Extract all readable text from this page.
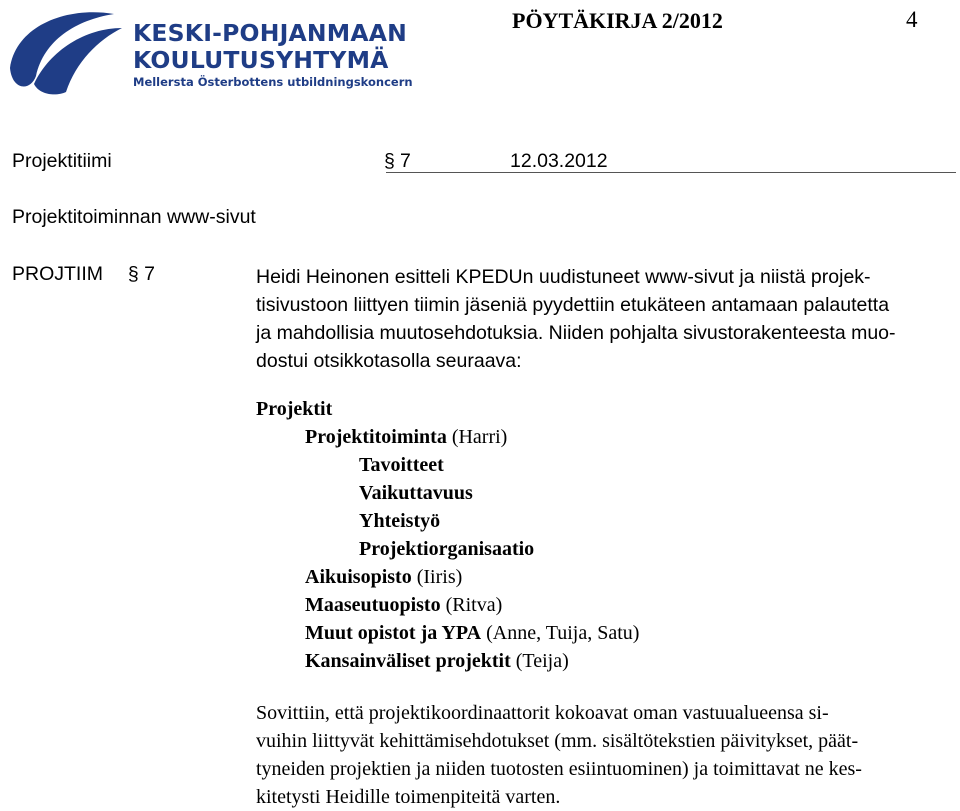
KESKI-POHJANMAAN
KOULUTUSYHTYMÄ
Mellersta Österbottens utbildningskoncern
PÖYTÄKIRJA 2/2012	4
Projektitiimi	§ 7	12.03.2012
Projektitoiminnan www-sivut
PROJTIIM § 7	Heidi Heinonen esitteli KPEDUn uudistuneet www-sivut ja niistä projek-
tisivustoon liittyen tiimin jäseniä pyydettiin etukäteen antamaan palautetta
ja mahdollisia muutosehdotuksia. Niiden pohjalta sivustorakenteesta muo-
dostui otsikkotasolla seuraava:
Projektit
Projektitoiminta (Harri)
Tavoitteet
Vaikuttavuus
Yhteistyö
Projektiorganisaatio
Aikuisopisto (Iiris)
Maaseutuopisto (Ritva)
Muut opistot ja YPA (Anne, Tuija, Satu)
Kansainväliset projektit (Teija)
Sovittiin, että projektikoordinaattorit kokoavat oman vastuualueensa si-
vuihin liittyvät kehittämisehdotukset (mm. sisältötekstien päivitykset, päät-
tyneiden projektien ja niiden tuotosten esiintuominen) ja toimittavat ne kes-
kitetysti Heidille toimenpiteitä varten.
